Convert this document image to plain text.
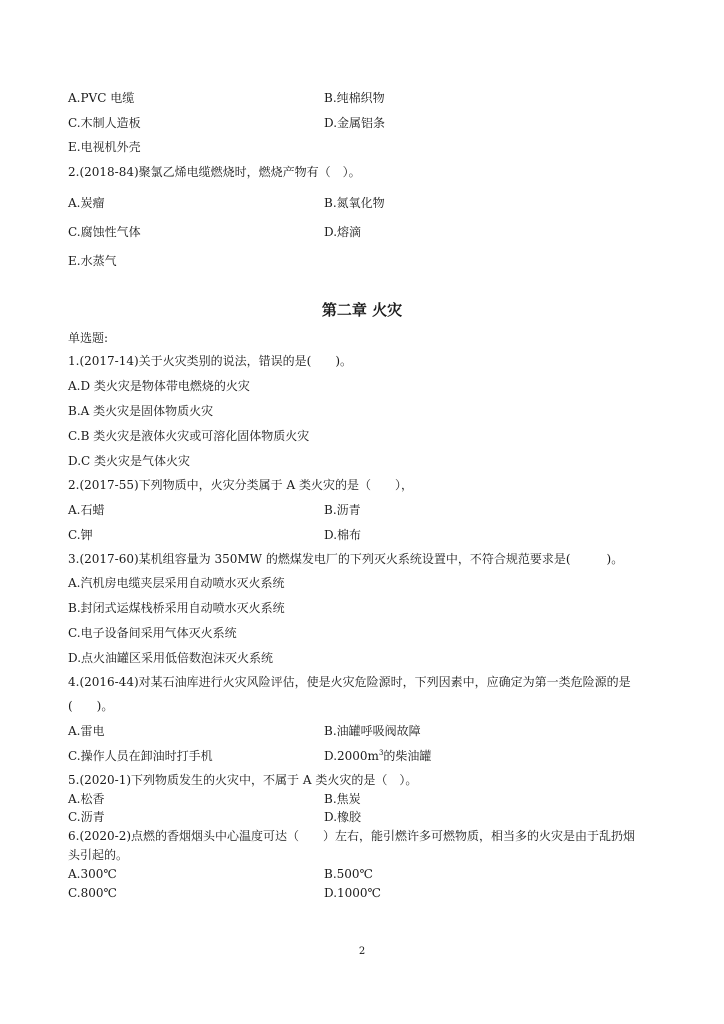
A.PVC 电缆	B.纯棉织物
C.木制人造板	D.金属铝条
E.电视机外壳
2.(2018-84)聚氯乙烯电缆燃烧时，燃烧产物有（　）。
A.炭瘤	B.氮氧化物
C.腐蚀性气体	D.熔滴
E.水蒸气
第二章 火灾
单选题:
1.(2017-14)关于火灾类别的说法，错误的是(　　)。
A.D 类火灾是物体带电燃烧的火灾
B.A 类火灾是固体物质火灾
C.B 类火灾是液体火灾或可溶化固体物质火灾
D.C 类火灾是气体火灾
2.(2017-55)下列物质中，火灾分类属于 A 类火灾的是（　　），
A.石蜡	B.沥青
C.钾	D.棉布
3.(2017-60)某机组容量为 350MW 的燃煤发电厂的下列灭火系统设置中，不符合规范要求是(　　　)。
A.汽机房电缆夹层采用自动喷水灭火系统
B.封闭式运煤栈桥采用自动喷水灭火系统
C.电子设备间采用气体灭火系统
D.点火油罐区采用低倍数泡沫灭火系统
4.(2016-44)对某石油库进行火灾风险评估，使是火灾危险源时，下列因素中，应确定为第一类危险源的是
(　　)。
A.雷电	B.油罐呼吸阀故障
C.操作人员在卸油时打手机	$D.2000m^3$的柴油罐
5.(2020-1)下列物质发生的火灾中，不属于 A 类火灾的是（　）。
A.松香	B.焦炭
C.沥青	D.橡胶
6.(2020-2)点燃的香烟烟头中心温度可达（　　）左右，能引燃许多可燃物质，相当多的火灾是由于乱扔烟
头引起的。
A.300℃	B.500℃
C.800℃	D.1000℃
2
